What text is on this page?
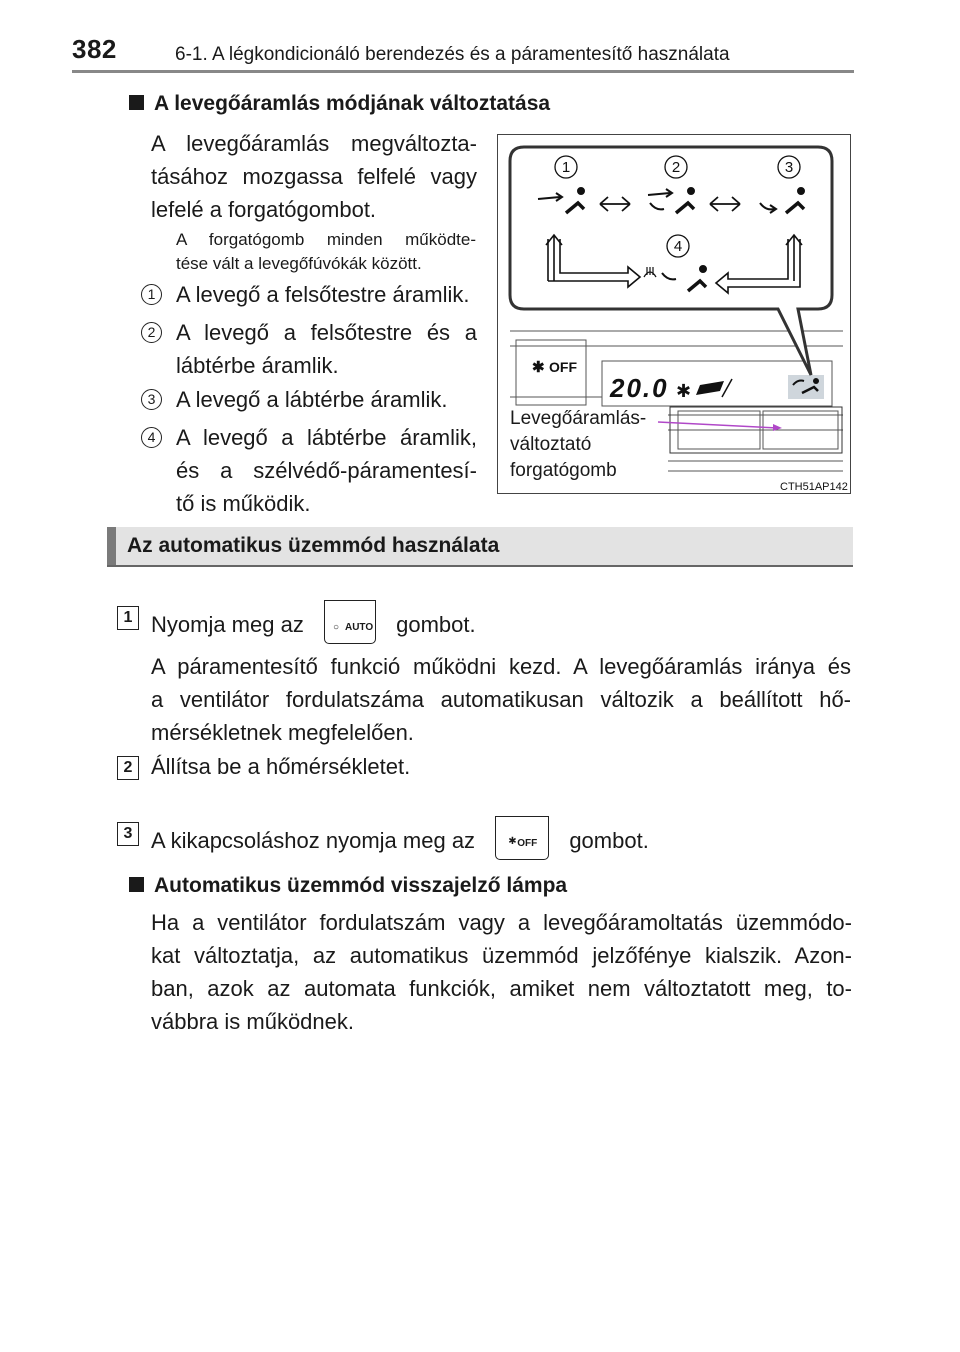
382	6-1. A légkondicionáló berendezés és a páramentesítő használata
A levegőáramlás módjának változtatása
A levegőáramlás megváltozta-
tásához mozgassa felfelé vagy
lefelé a forgatógombot.
A forgatógomb minden működte-
tése vált a levegőfúvókák között.
1 A levegő a felsőtestre áramlik.
2 A levegő a felsőtestre és a
lábtérbe áramlik.
3 A levegő a lábtérbe áramlik.
4 A levegő a lábtérbe áramlik,
és a szélvédő-páramentesí-
tő is működik.
✱ OFF
20.0 ✱
1	2	3
4
CTH51AP142
Levegőáramlás-
változtató
forgatógomb
Az automatikus üzemmód használata
1 Nyomja meg az	○ AUTO gombot.
A páramentesítő funkció működni kezd. A levegőáramlás iránya és
a ventilátor fordulatszáma automatikusan változik a beállított hő-
mérsékletnek megfelelően.
2 Állítsa be a hőmérsékletet.
3 A kikapcsoláshoz nyomja meg az	✱ OFF gombot.
Automatikus üzemmód visszajelző lámpa
Ha a ventilátor fordulatszám vagy a levegőáramoltatás üzemmódo-
kat változtatja, az automatikus üzemmód jelzőfénye kialszik. Azon-
ban, azok az automata funkciók, amiket nem változtatott meg, to-
vábbra is működnek.
